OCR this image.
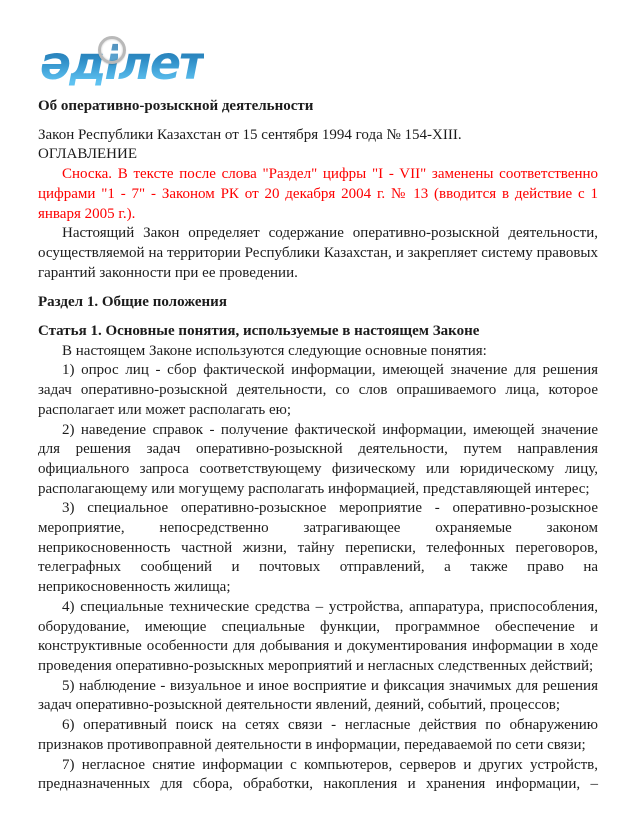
әд
ілет
Об оперативно-розыскной деятельности

Закон Республики Казахстан от 15 сентября 1994 года № 154-XIII.

ОГЛАВЛЕНИЕ

Сноска. В тексте после слова "Раздел" цифры "I - VII" заменены соответственно цифрами "1 - 7" - Законом РК от 20 декабря 2004 г. № 13 (вводится в действие с 1 января 2005 г.).

Настоящий Закон определяет содержание оперативно-розыскной деятельности, осуществляемой на территории Республики Казахстан, и закрепляет систему правовых гарантий законности при ее проведении.

Раздел 1. Общие положения
Статья 1. Основные понятия, используемые в настоящем Законе

В настоящем Законе используются следующие основные понятия:

1) опрос лиц - сбор фактической информации, имеющей значение для решения задач оперативно-розыскной деятельности, со слов опрашиваемого лица, которое располагает или может располагать ею;

2) наведение справок - получение фактической информации, имеющей значение для решения задач оперативно-розыскной деятельности, путем направления официального запроса соответствующему физическому или юридическому лицу, располагающему или могущему располагать информацией, представляющей интерес;

3) специальное оперативно-розыскное мероприятие - оперативно-розыскное мероприятие, непосредственно затрагивающее охраняемые законом неприкосновенность частной жизни, тайну переписки, телефонных переговоров, телеграфных сообщений и почтовых отправлений, а также право на неприкосновенность жилища;

4) специальные технические средства – устройства, аппаратура, приспособления, оборудование, имеющие специальные функции, программное обеспечение и конструктивные особенности для добывания и документирования информации в ходе проведения оперативно-розыскных мероприятий и негласных следственных действий;

5) наблюдение - визуальное и иное восприятие и фиксация значимых для решения задач оперативно-розыскной деятельности явлений, деяний, событий, процессов;

6) оперативный поиск на сетях связи - негласные действия по обнаружению признаков противоправной деятельности в информации, передаваемой по сети связи;

7) негласное снятие информации с компьютеров, серверов и других устройств, предназначенных для сбора, обработки, накопления и хранения информации, –
